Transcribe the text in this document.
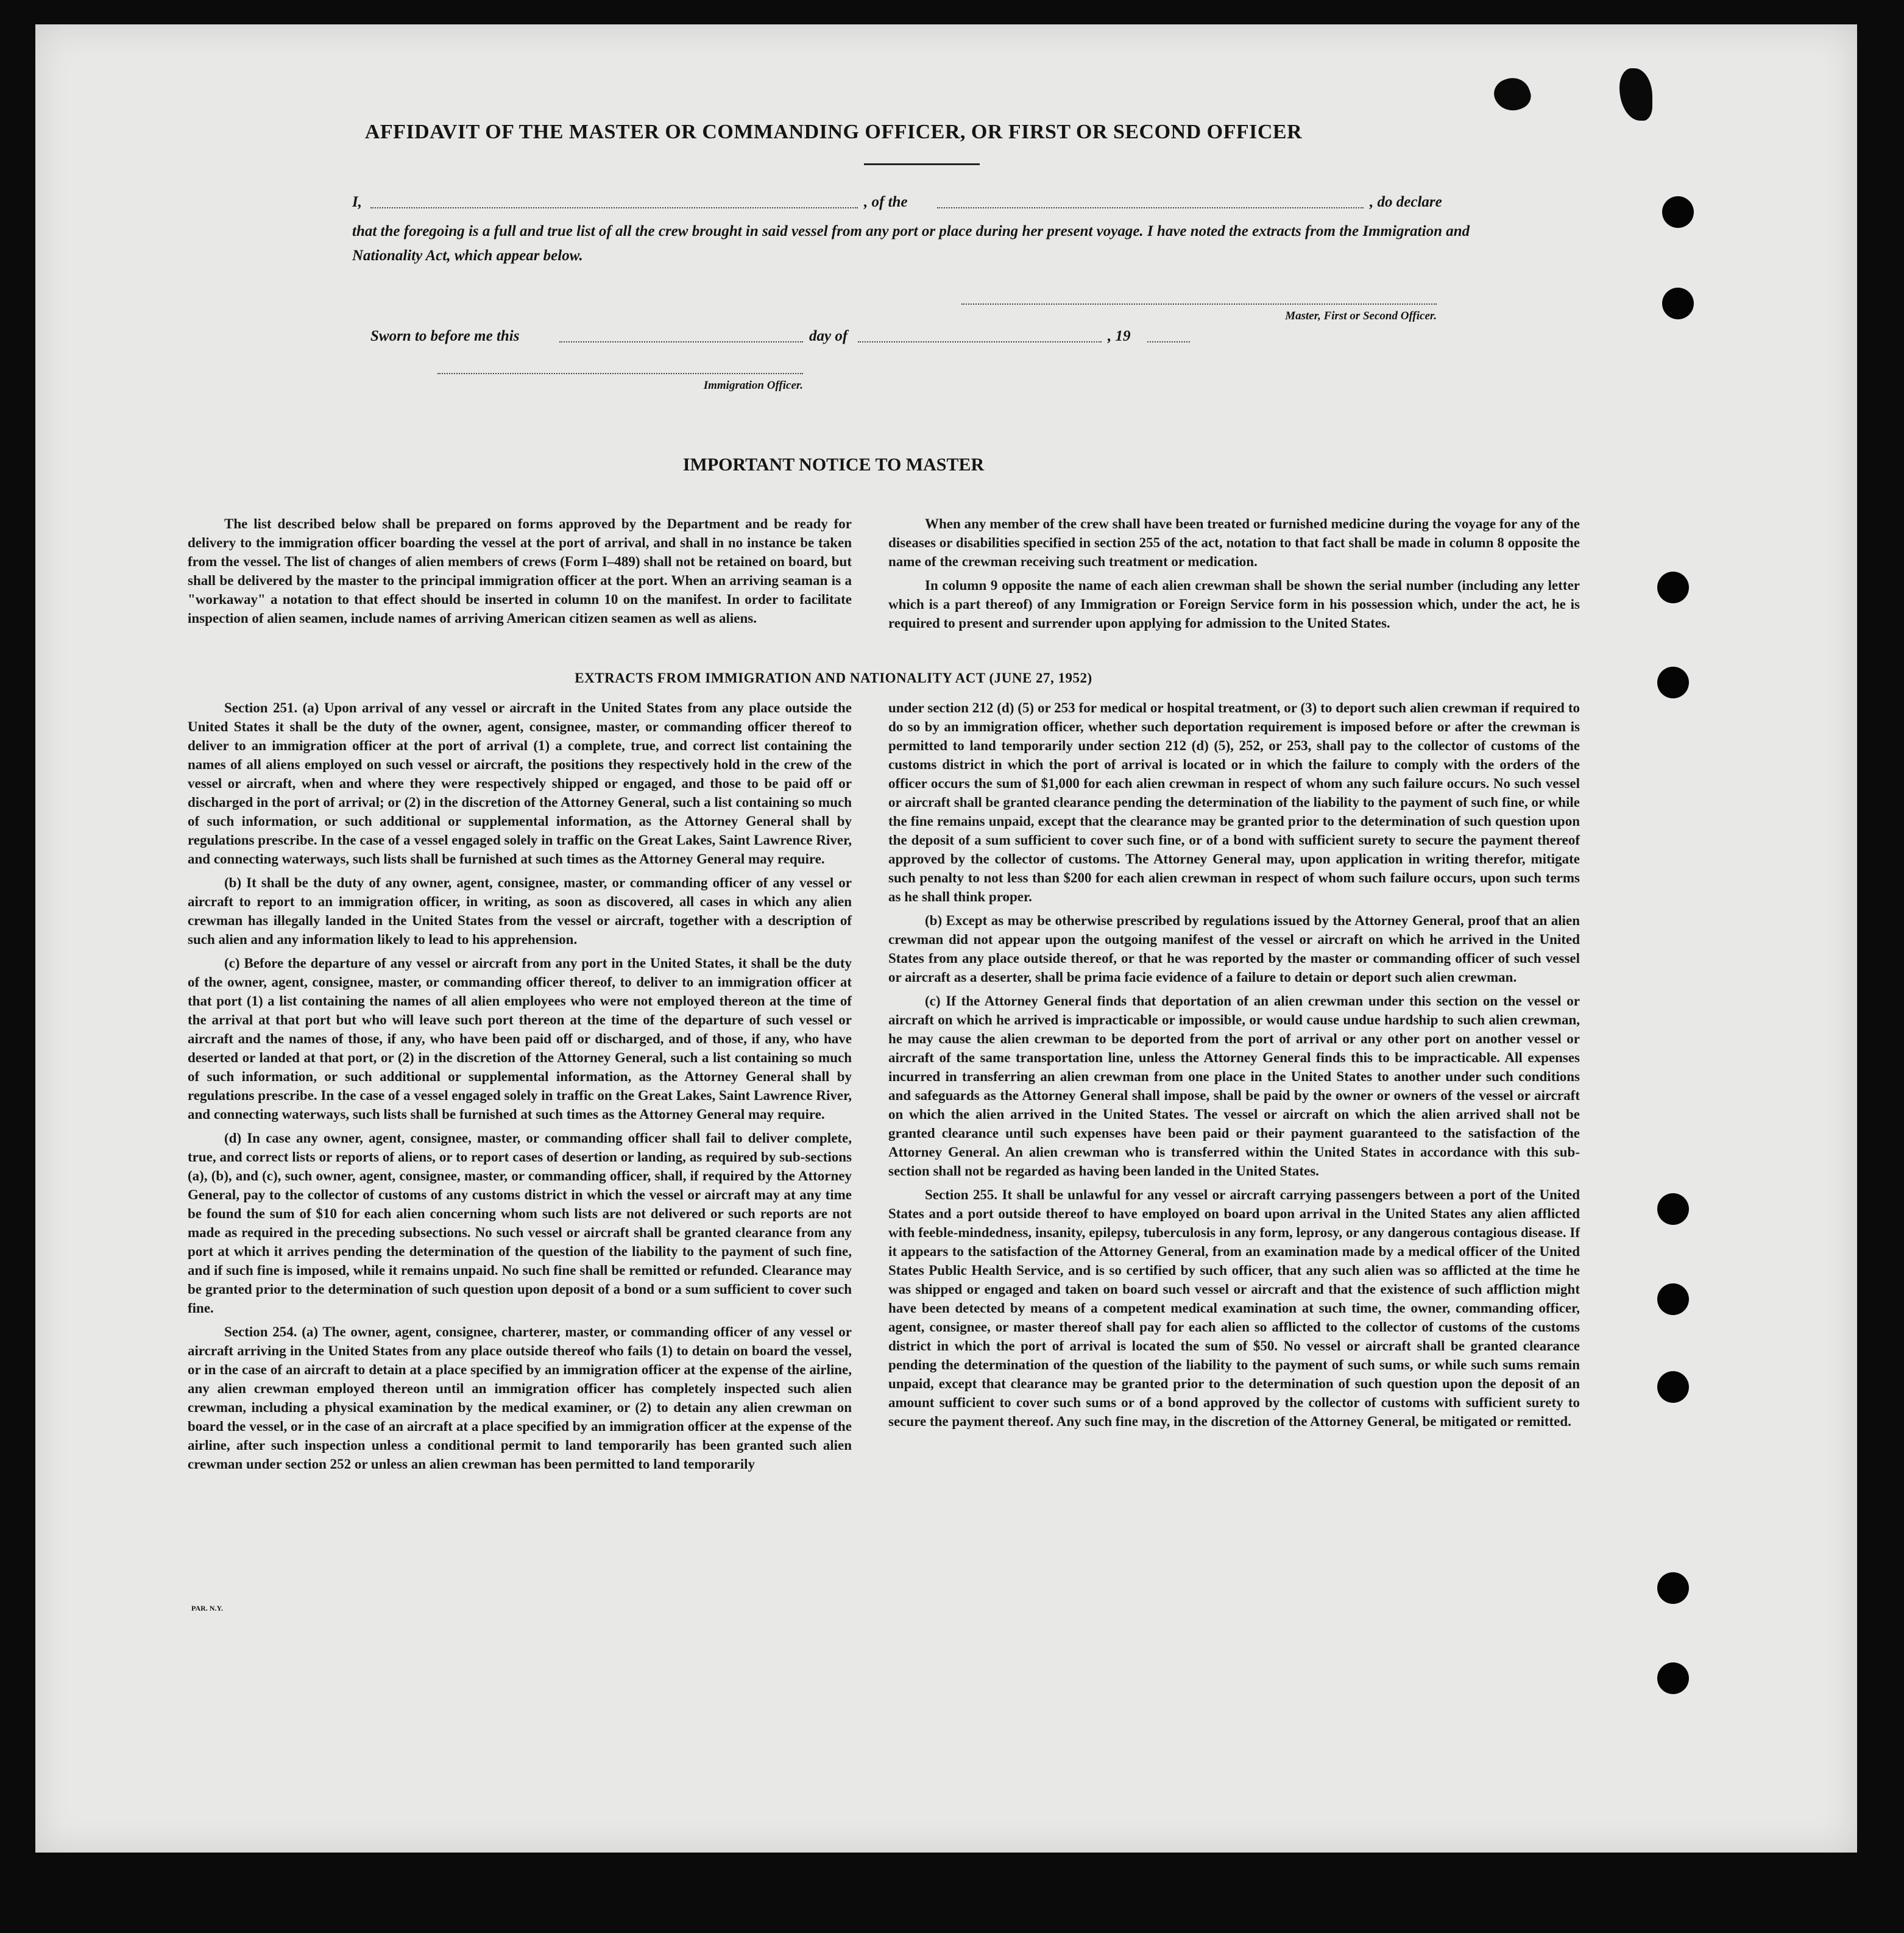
AFFIDAVIT OF THE MASTER OR COMMANDING OFFICER, OR FIRST OR SECOND OFFICER
I,	, of the	, do declare
that the foregoing is a full and true list of all the crew brought in said vessel from any port or place during her present voyage. I have noted the extracts from the Immigration and Nationality Act, which appear below.
Master, First or Second Officer.
Sworn to before me this	day of	, 19
Immigration Officer.
IMPORTANT NOTICE TO MASTER

The list described below shall be prepared on forms approved by the Department and be ready for delivery to the immigration officer boarding the vessel at the port of arrival, and shall in no instance be taken from the vessel. The list of changes of alien members of crews (Form I–489) shall not be retained on board, but shall be delivered by the master to the principal immigration officer at the port. When an arriving seaman is a "workaway" a notation to that effect should be inserted in column 10 on the manifest. In order to facilitate inspection of alien seamen, include names of arriving American citizen seamen as well as aliens.

When any member of the crew shall have been treated or furnished medicine during the voyage for any of the diseases or disabilities specified in section 255 of the act, notation to that fact shall be made in column 8 opposite the name of the crewman receiving such treatment or medication.

In column 9 opposite the name of each alien crewman shall be shown the serial number (including any letter which is a part thereof) of any Immigration or Foreign Service form in his possession which, under the act, he is required to present and surrender upon applying for admission to the United States.

EXTRACTS FROM IMMIGRATION AND NATIONALITY ACT (JUNE 27, 1952)

Section 251. (a) Upon arrival of any vessel or aircraft in the United States from any place outside the United States it shall be the duty of the owner, agent, consignee, master, or commanding officer thereof to deliver to an immigration officer at the port of arrival (1) a complete, true, and correct list containing the names of all aliens employed on such vessel or aircraft, the positions they respectively hold in the crew of the vessel or aircraft, when and where they were respectively shipped or engaged, and those to be paid off or discharged in the port of arrival; or (2) in the discretion of the Attorney General, such a list containing so much of such information, or such additional or supplemental information, as the Attorney General shall by regulations prescribe. In the case of a vessel engaged solely in traffic on the Great Lakes, Saint Lawrence River, and connecting waterways, such lists shall be furnished at such times as the Attorney General may require.

(b) It shall be the duty of any owner, agent, consignee, master, or commanding officer of any vessel or aircraft to report to an immigration officer, in writing, as soon as discovered, all cases in which any alien crewman has illegally landed in the United States from the vessel or aircraft, together with a description of such alien and any information likely to lead to his apprehension.

(c) Before the departure of any vessel or aircraft from any port in the United States, it shall be the duty of the owner, agent, consignee, master, or commanding officer thereof, to deliver to an immigration officer at that port (1) a list containing the names of all alien employees who were not employed thereon at the time of the arrival at that port but who will leave such port thereon at the time of the departure of such vessel or aircraft and the names of those, if any, who have been paid off or discharged, and of those, if any, who have deserted or landed at that port, or (2) in the discretion of the Attorney General, such a list containing so much of such information, or such additional or supplemental information, as the Attorney General shall by regulations prescribe. In the case of a vessel engaged solely in traffic on the Great Lakes, Saint Lawrence River, and connecting waterways, such lists shall be furnished at such times as the Attorney General may require.

(d) In case any owner, agent, consignee, master, or commanding officer shall fail to deliver complete, true, and correct lists or reports of aliens, or to report cases of desertion or landing, as required by sub-sections (a), (b), and (c), such owner, agent, consignee, master, or commanding officer, shall, if required by the Attorney General, pay to the collector of customs of any customs district in which the vessel or aircraft may at any time be found the sum of $10 for each alien concerning whom such lists are not delivered or such reports are not made as required in the preceding subsections. No such vessel or aircraft shall be granted clearance from any port at which it arrives pending the determination of the question of the liability to the payment of such fine, and if such fine is imposed, while it remains unpaid. No such fine shall be remitted or refunded. Clearance may be granted prior to the determination of such question upon deposit of a bond or a sum sufficient to cover such fine.

Section 254. (a) The owner, agent, consignee, charterer, master, or commanding officer of any vessel or aircraft arriving in the United States from any place outside thereof who fails (1) to detain on board the vessel, or in the case of an aircraft to detain at a place specified by an immigration officer at the expense of the airline, any alien crewman employed thereon until an immigration officer has completely inspected such alien crewman, including a physical examination by the medical examiner, or (2) to detain any alien crewman on board the vessel, or in the case of an aircraft at a place specified by an immigration officer at the expense of the airline, after such inspection unless a conditional permit to land temporarily has been granted such alien crewman under section 252 or unless an alien crewman has been permitted to land temporarily

under section 212 (d) (5) or 253 for medical or hospital treatment, or (3) to deport such alien crewman if required to do so by an immigration officer, whether such deportation requirement is imposed before or after the crewman is permitted to land temporarily under section 212 (d) (5), 252, or 253, shall pay to the collector of customs of the customs district in which the port of arrival is located or in which the failure to comply with the orders of the officer occurs the sum of $1,000 for each alien crewman in respect of whom any such failure occurs. No such vessel or aircraft shall be granted clearance pending the determination of the liability to the payment of such fine, or while the fine remains unpaid, except that the clearance may be granted prior to the determination of such question upon the deposit of a sum sufficient to cover such fine, or of a bond with sufficient surety to secure the payment thereof approved by the collector of customs. The Attorney General may, upon application in writing therefor, mitigate such penalty to not less than $200 for each alien crewman in respect of whom such failure occurs, upon such terms as he shall think proper.

(b) Except as may be otherwise prescribed by regulations issued by the Attorney General, proof that an alien crewman did not appear upon the outgoing manifest of the vessel or aircraft on which he arrived in the United States from any place outside thereof, or that he was reported by the master or commanding officer of such vessel or aircraft as a deserter, shall be prima facie evidence of a failure to detain or deport such alien crewman.

(c) If the Attorney General finds that deportation of an alien crewman under this section on the vessel or aircraft on which he arrived is impracticable or impossible, or would cause undue hardship to such alien crewman, he may cause the alien crewman to be deported from the port of arrival or any other port on another vessel or aircraft of the same transportation line, unless the Attorney General finds this to be impracticable. All expenses incurred in transferring an alien crewman from one place in the United States to another under such conditions and safeguards as the Attorney General shall impose, shall be paid by the owner or owners of the vessel or aircraft on which the alien arrived in the United States. The vessel or aircraft on which the alien arrived shall not be granted clearance until such expenses have been paid or their payment guaranteed to the satisfaction of the Attorney General. An alien crewman who is transferred within the United States in accordance with this sub-section shall not be regarded as having been landed in the United States.

Section 255. It shall be unlawful for any vessel or aircraft carrying passengers between a port of the United States and a port outside thereof to have employed on board upon arrival in the United States any alien afflicted with feeble-mindedness, insanity, epilepsy, tuberculosis in any form, leprosy, or any dangerous contagious disease. If it appears to the satisfaction of the Attorney General, from an examination made by a medical officer of the United States Public Health Service, and is so certified by such officer, that any such alien was so afflicted at the time he was shipped or engaged and taken on board such vessel or aircraft and that the existence of such affliction might have been detected by means of a competent medical examination at such time, the owner, commanding officer, agent, consignee, or master thereof shall pay for each alien so afflicted to the collector of customs of the customs district in which the port of arrival is located the sum of $50. No vessel or aircraft shall be granted clearance pending the determination of the question of the liability to the payment of such sums, or while such sums remain unpaid, except that clearance may be granted prior to the determination of such question upon the deposit of an amount sufficient to cover such sums or of a bond approved by the collector of customs with sufficient surety to secure the payment thereof. Any such fine may, in the discretion of the Attorney General, be mitigated or remitted.

PAR. N.Y.
